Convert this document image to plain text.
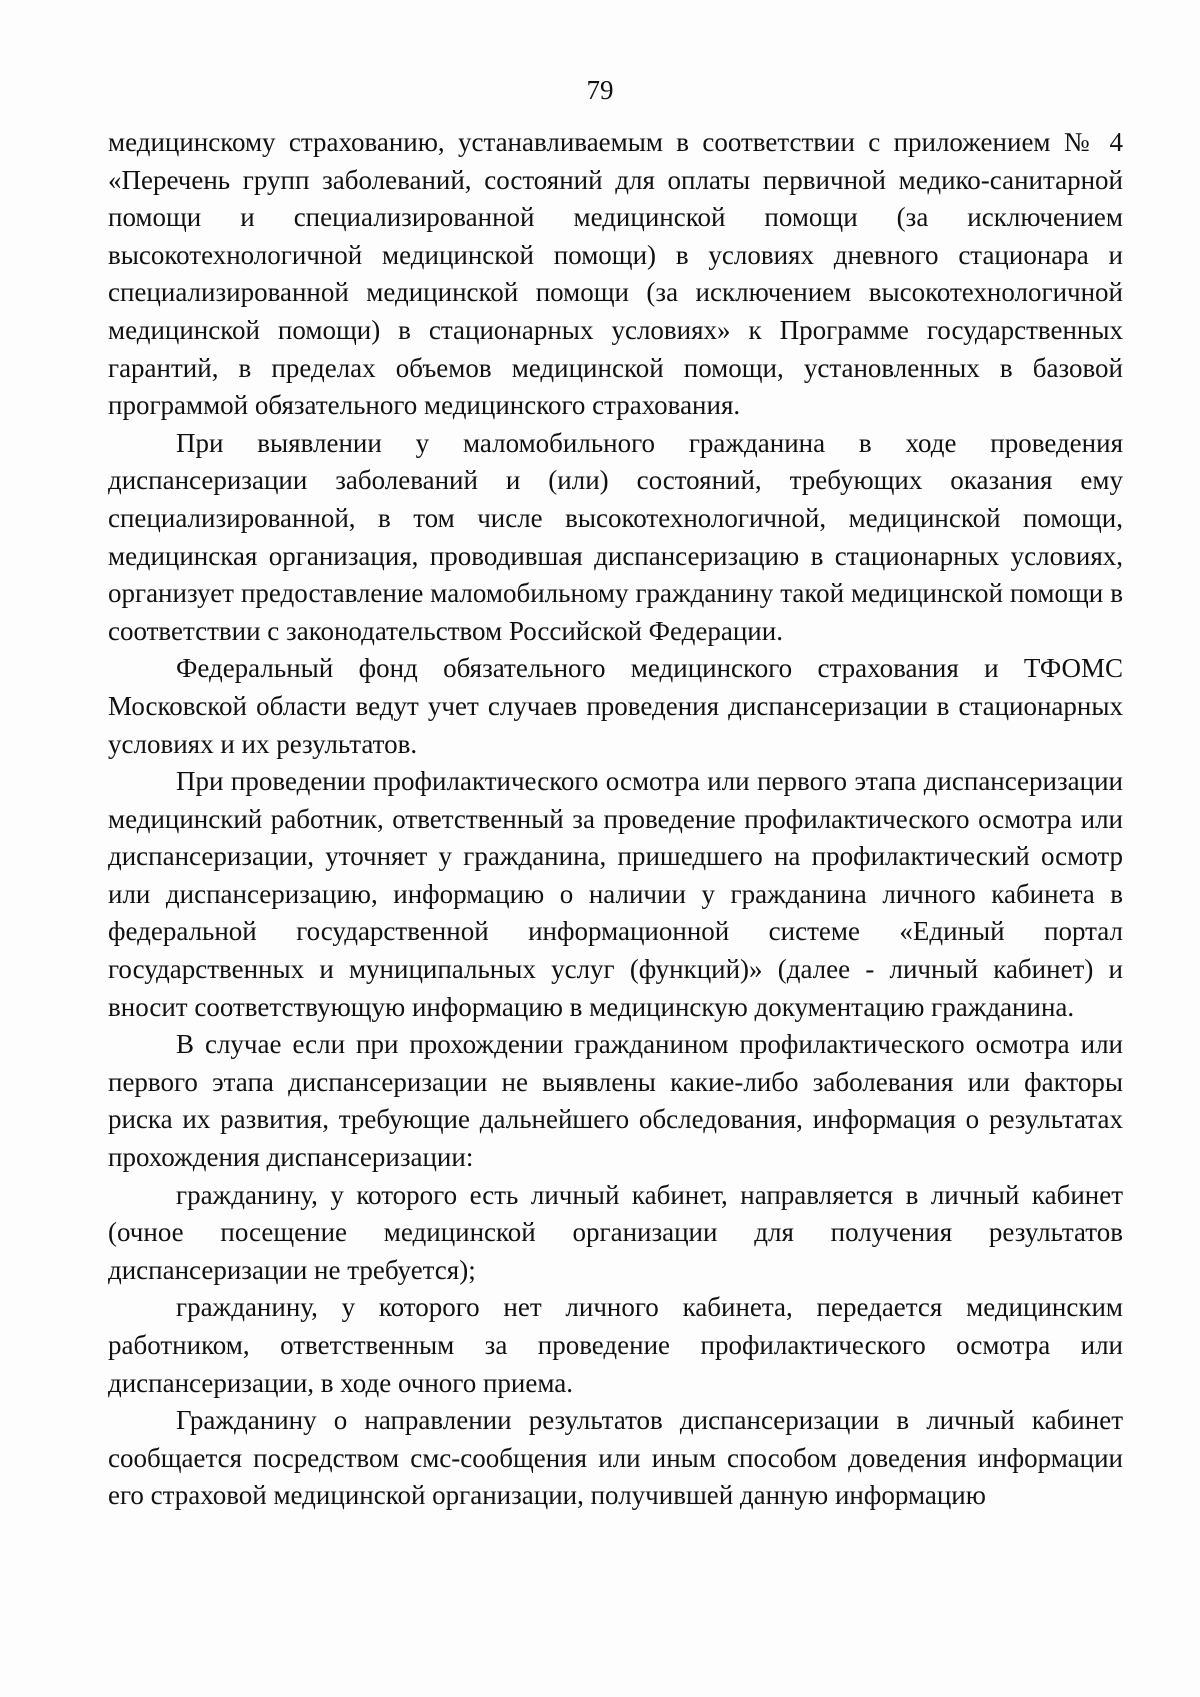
79

медицинскому страхованию, устанавливаемым в соответствии с приложением № 4 «Перечень групп заболеваний, состояний для оплаты первичной медико-санитарной помощи и специализированной медицинской помощи (за исключением высокотехнологичной медицинской помощи) в условиях дневного стационара и специализированной медицинской помощи (за исключением высокотехнологичной медицинской помощи) в стационарных условиях» к Программе государственных гарантий, в пределах объемов медицинской помощи, установленных в базовой программой обязательного медицинского страхования.

При выявлении у маломобильного гражданина в ходе проведения диспансеризации заболеваний и (или) состояний, требующих оказания ему специализированной, в том числе высокотехнологичной, медицинской помощи, медицинская организация, проводившая диспансеризацию в стационарных условиях, организует предоставление маломобильному гражданину такой медицинской помощи в соответствии с законодательством Российской Федерации.

Федеральный фонд обязательного медицинского страхования и ТФОМС Московской области ведут учет случаев проведения диспансеризации в стационарных условиях и их результатов.

При проведении профилактического осмотра или первого этапа диспансеризации медицинский работник, ответственный за проведение профилактического осмотра или диспансеризации, уточняет у гражданина, пришедшего на профилактический осмотр или диспансеризацию, информацию о наличии у гражданина личного кабинета в федеральной государственной информационной системе «Единый портал государственных и муниципальных услуг (функций)» (далее - личный кабинет) и вносит соответствующую информацию в медицинскую документацию гражданина.

В случае если при прохождении гражданином профилактического осмотра или первого этапа диспансеризации не выявлены какие-либо заболевания или факторы риска их развития, требующие дальнейшего обследования, информация о результатах прохождения диспансеризации:

гражданину, у которого есть личный кабинет, направляется в личный кабинет (очное посещение медицинской организации для получения результатов диспансеризации не требуется);

гражданину, у которого нет личного кабинета, передается медицинским работником, ответственным за проведение профилактического осмотра или диспансеризации, в ходе очного приема.

Гражданину о направлении результатов диспансеризации в личный кабинет сообщается посредством смс-сообщения или иным способом доведения информации его страховой медицинской организации, получившей данную информацию
